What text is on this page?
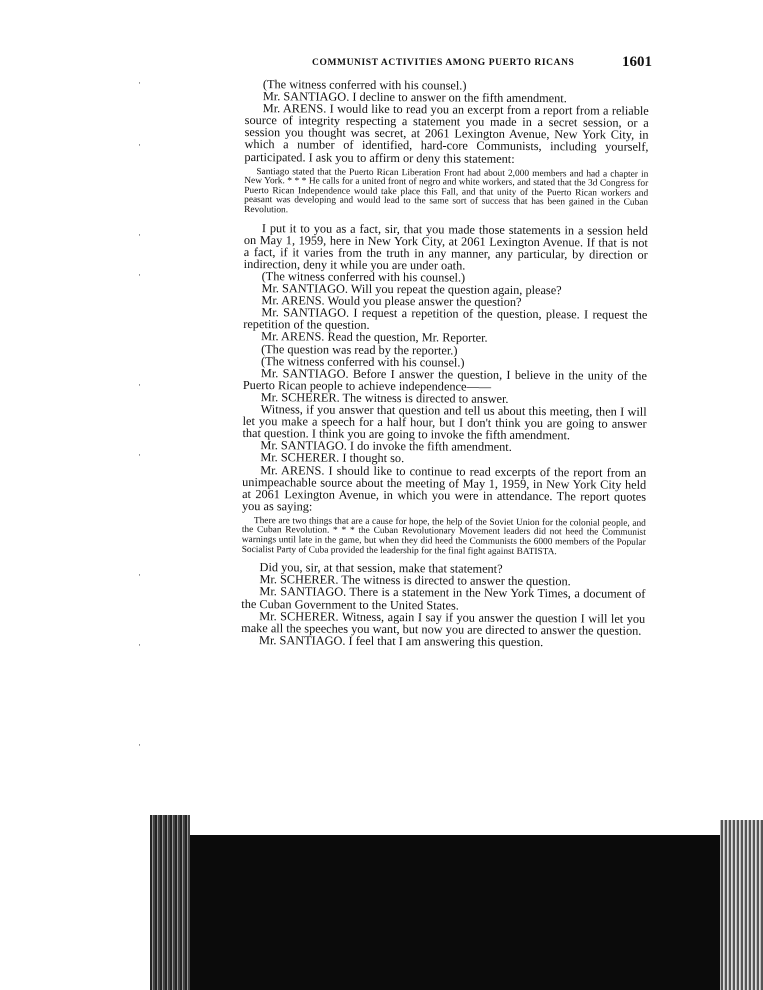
·
·
·
·
·
·
·
·
·
COMMUNIST ACTIVITIES AMONG PUERTO RICANS	1601

(The witness conferred with his counsel.)

Mr. SANTIAGO. I decline to answer on the fifth amendment.

Mr. ARENS. I would like to read you an excerpt from a report from a reliable source of integrity respecting a statement you made in a secret session, or a session you thought was secret, at 2061 Lexington Avenue, New York City, in which a number of identified, hard-core Communists, including yourself, participated. I ask you to affirm or deny this statement:

Santiago stated that the Puerto Rican Liberation Front had about 2,000 members and had a chapter in New York. * * * He calls for a united front of negro and white workers, and stated that the 3d Congress for Puerto Rican Independence would take place this Fall, and that unity of the Puerto Rican workers and peasant was developing and would lead to the same sort of success that has been gained in the Cuban Revolution.

I put it to you as a fact, sir, that you made those statements in a session held on May 1, 1959, here in New York City, at 2061 Lexington Avenue. If that is not a fact, if it varies from the truth in any manner, any particular, by direction or indirection, deny it while you are under oath.

(The witness conferred with his counsel.)

Mr. SANTIAGO. Will you repeat the question again, please?

Mr. ARENS. Would you please answer the question?

Mr. SANTIAGO. I request a repetition of the question, please. I request the repetition of the question.

Mr. ARENS. Read the question, Mr. Reporter.

(The question was read by the reporter.)

(The witness conferred with his counsel.)

Mr. SANTIAGO. Before I answer the question, I believe in the unity of the Puerto Rican people to achieve independence——

Mr. SCHERER. The witness is directed to answer.

Witness, if you answer that question and tell us about this meeting, then I will let you make a speech for a half hour, but I don't think you are going to answer that question. I think you are going to invoke the fifth amendment.

Mr. SANTIAGO. I do invoke the fifth amendment.

Mr. SCHERER. I thought so.

Mr. ARENS. I should like to continue to read excerpts of the report from an unimpeachable source about the meeting of May 1, 1959, in New York City held at 2061 Lexington Avenue, in which you were in attendance. The report quotes you as saying:

There are two things that are a cause for hope, the help of the Soviet Union for the colonial people, and the Cuban Revolution. * * * the Cuban Revolutionary Movement leaders did not heed the Communist warnings until late in the game, but when they did heed the Communists the 6000 members of the Popular Socialist Party of Cuba provided the leadership for the final fight against BATISTA.

Did you, sir, at that session, make that statement?

Mr. SCHERER. The witness is directed to answer the question.

Mr. SANTIAGO. There is a statement in the New York Times, a document of the Cuban Government to the United States.

Mr. SCHERER. Witness, again I say if you answer the question I will let you make all the speeches you want, but now you are directed to answer the question.

Mr. SANTIAGO. I feel that I am answering this question.
